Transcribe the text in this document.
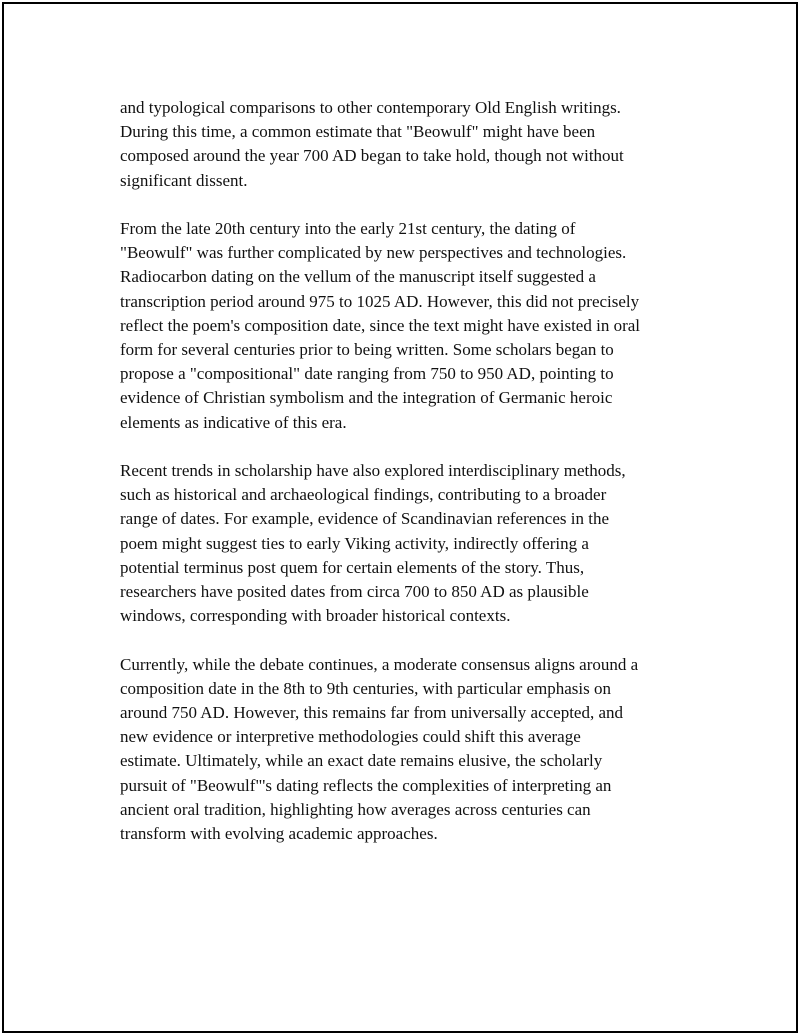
and typological comparisons to other contemporary Old English writings.
During this time, a common estimate that "Beowulf" might have been
composed around the year 700 AD began to take hold, though not without
significant dissent.

From the late 20th century into the early 21st century, the dating of
"Beowulf" was further complicated by new perspectives and technologies.
Radiocarbon dating on the vellum of the manuscript itself suggested a
transcription period around 975 to 1025 AD. However, this did not precisely
reflect the poem's composition date, since the text might have existed in oral
form for several centuries prior to being written. Some scholars began to
propose a "compositional" date ranging from 750 to 950 AD, pointing to
evidence of Christian symbolism and the integration of Germanic heroic
elements as indicative of this era.

Recent trends in scholarship have also explored interdisciplinary methods,
such as historical and archaeological findings, contributing to a broader
range of dates. For example, evidence of Scandinavian references in the
poem might suggest ties to early Viking activity, indirectly offering a
potential terminus post quem for certain elements of the story. Thus,
researchers have posited dates from circa 700 to 850 AD as plausible
windows, corresponding with broader historical contexts.

Currently, while the debate continues, a moderate consensus aligns around a
composition date in the 8th to 9th centuries, with particular emphasis on
around 750 AD. However, this remains far from universally accepted, and
new evidence or interpretive methodologies could shift this average
estimate. Ultimately, while an exact date remains elusive, the scholarly
pursuit of "Beowulf"'s dating reflects the complexities of interpreting an
ancient oral tradition, highlighting how averages across centuries can
transform with evolving academic approaches.
